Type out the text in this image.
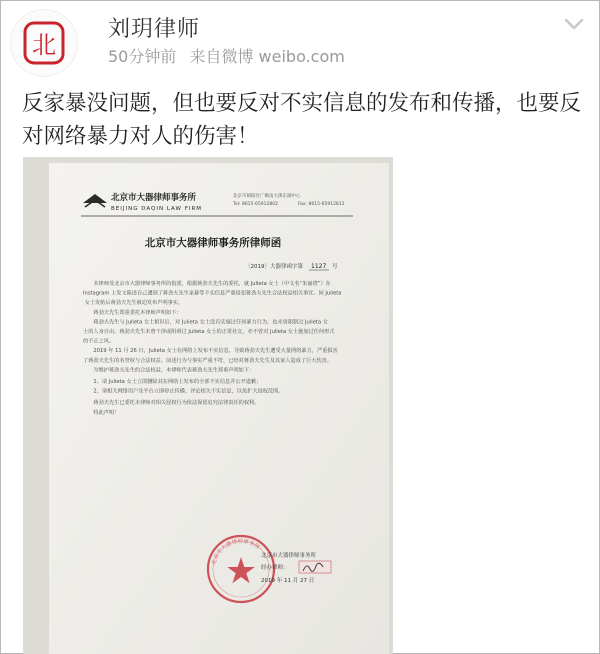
北
刘玥律师
50分钟前 来自微博 weibo.com

反家暴没问题，但也要反对不实信息的发布和传播，也要反对网络暴力对人的伤害！

北京市大器律师事务所
BEIJING DAQIN LAW FIRM
北京市朝阳区广顺南大街东湖中心
Tel: 8615-65912802	Fax: 8615-65912812
北京市大器律师事务所律师函
〔2019〕大器律函字第 1127 号
本律师受北京市大器律师事务所的指派，根据蒋劲夫先生的委托，就 Julieta 女士（中文名“朱丽塔”）在 Instagram 上发文陈述自己遭到了蒋劲夫先生家暴等不实信息严重侵犯蒋劲夫先生合法权益相关事宜。同 Julieta 女士发帖后蒋劲夫先生被迫发布声明事实。蒋劲夫先生郑重委托本律师声明如下：蒋劲夫先生与 Julieta 女士相识后，对 Julieta 女士没有实施过任何暴力行为，也未曾限制过 Julieta 女士的人身自由。蒋劲夫先生未曾干涉或阻碍过 Julieta 女士的正常社交，亦不曾对 Julieta 女士施加过任何形式的不正之风。 2019 年 11 月 26 日，Julieta 女士在网络上发布不实信息，导致蒋劲夫先生遭受大量网络暴力，严重损害了蒋劲夫先生的名誉权与合法权益。前述行为与事实严重不符，已经对蒋劲夫先生及其家人造成了巨大伤害。为维护蒋劲夫先生的合法权益，本律师代表蒋劲夫先生郑重声明如下： 1、请 Julieta 女士立即删除其在网络上发布的全部不实信息并公开道歉； 2、请相关网络用户及平台立即停止传播、评论相关不实信息，以免扩大侵权范围。蒋劲夫先生已委托本律师对相关侵权行为依法保留追究法律责任的权利。特此声明！
北京市大器律师事务所
北京市大器律师事务所
经办律师：
2019 年 11 月 27 日
